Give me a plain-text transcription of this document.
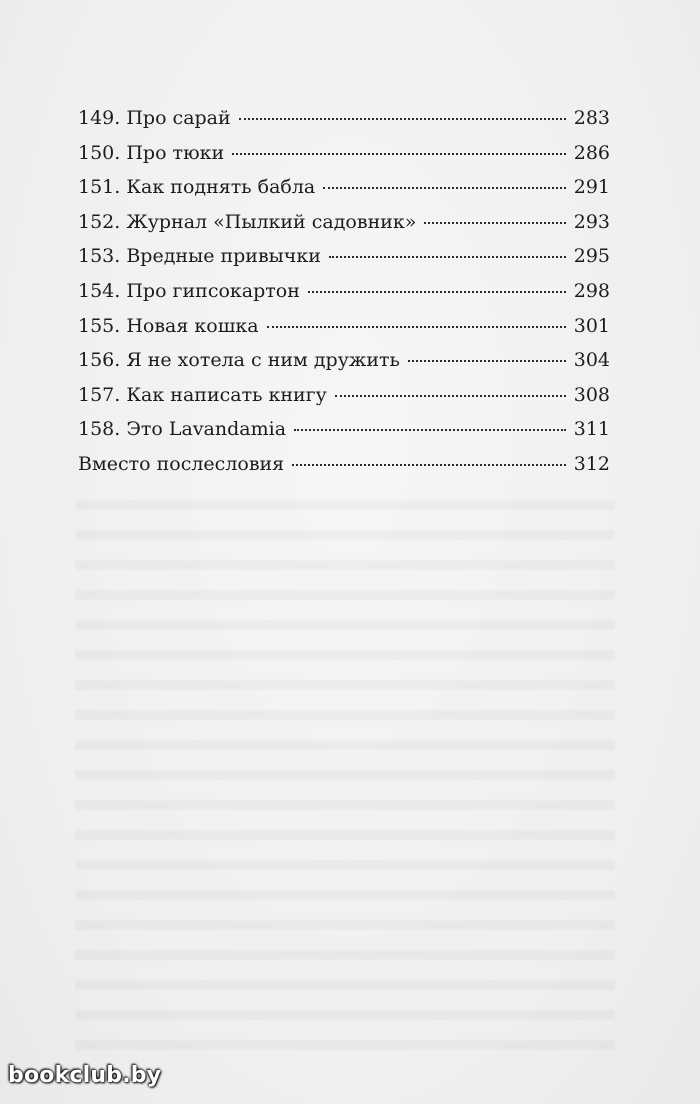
149. Про сарай	283
150. Про тюки	286
151. Как поднять бабла	291
152. Журнал «Пылкий садовник»	293
153. Вредные привычки	295
154. Про гипсокартон	298
155. Новая кошка	301
156. Я не хотела с ним дружить	304
157. Как написать книгу	308
158. Это Lavandamia	311
Вместо послесловия	312
bookclub.by
